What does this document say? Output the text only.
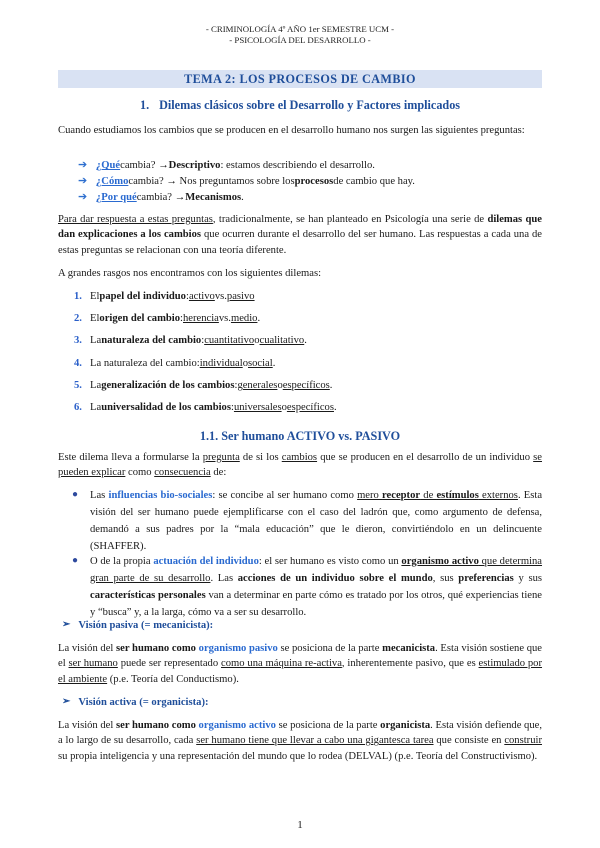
- CRIMINOLOGÍA 4º AÑO 1er SEMESTRE UCM -
- PSICOLOGÍA DEL DESARROLLO -
TEMA 2: LOS PROCESOS DE CAMBIO
1. Dilemas clásicos sobre el Desarrollo y Factores implicados
Cuando estudiamos los cambios que se producen en el desarrollo humano nos surgen las siguientes preguntas:
➔ ¿Qué cambia? → Descriptivo : estamos describiendo el desarrollo.
➔ ¿Cómo cambia? → Nos preguntamos sobre los procesos de cambio que hay.
➔ ¿Por qué cambia? → Mecanismos .
Para dar respuesta a estas preguntas, tradicionalmente, se han planteado en Psicología una serie de dilemas que dan explicaciones a los cambios que ocurren durante el desarrollo del ser humano. Las respuestas a cada una de estas preguntas se relacionan con una teoría diferente.
A grandes rasgos nos encontramos con los siguientes dilemas:
1. El papel del individuo : activo vs. pasivo
2. El origen del cambio : herencia vs. medio .
3. La naturaleza del cambio : cuantitativo o cualitativo .
4. La naturaleza del cambio : individual o social .
5. La generalización de los cambios : generales o específicos .
6. La universalidad de los cambios : universales o específicos .
1.1. Ser humano ACTIVO vs. PASIVO
Este dilema lleva a formularse la pregunta de si los cambios que se producen en el desarrollo de un individuo se pueden explicar como consecuencia de:
● Las influencias bio-sociales: se concibe al ser humano como mero receptor de estímulos externos. Esta visión del ser humano puede ejemplificarse con el caso del ladrón que, como argumento de defensa, demandó a sus padres por la “mala educación” que le dieron, convirtiéndolo en un delincuente (SHAFFER).
● O de la propia actuación del individuo: el ser humano es visto como un organismo activo que determina gran parte de su desarrollo. Las acciones de un individuo sobre el mundo, sus preferencias y sus características personales van a determinar en parte cómo es tratado por los otros, qué experiencias tiene y “busca” y, a la larga, cómo va a ser su desarrollo.
➢ Visión pasiva (= mecanicista):
La visión del ser humano como organismo pasivo se posiciona de la parte mecanicista. Esta visión sostiene que el ser humano puede ser representado como una máquina re-activa, inherentemente pasivo, que es estimulado por el ambiente (p.e. Teoría del Conductismo).
➢ Visión activa (= organicista):
La visión del ser humano como organismo activo se posiciona de la parte organicista. Esta visión defiende que, a lo largo de su desarrollo, cada ser humano tiene que llevar a cabo una gigantesca tarea que consiste en construir su propia inteligencia y una representación del mundo que lo rodea (DELVAL) (p.e. Teoría del Constructivismo).
1
